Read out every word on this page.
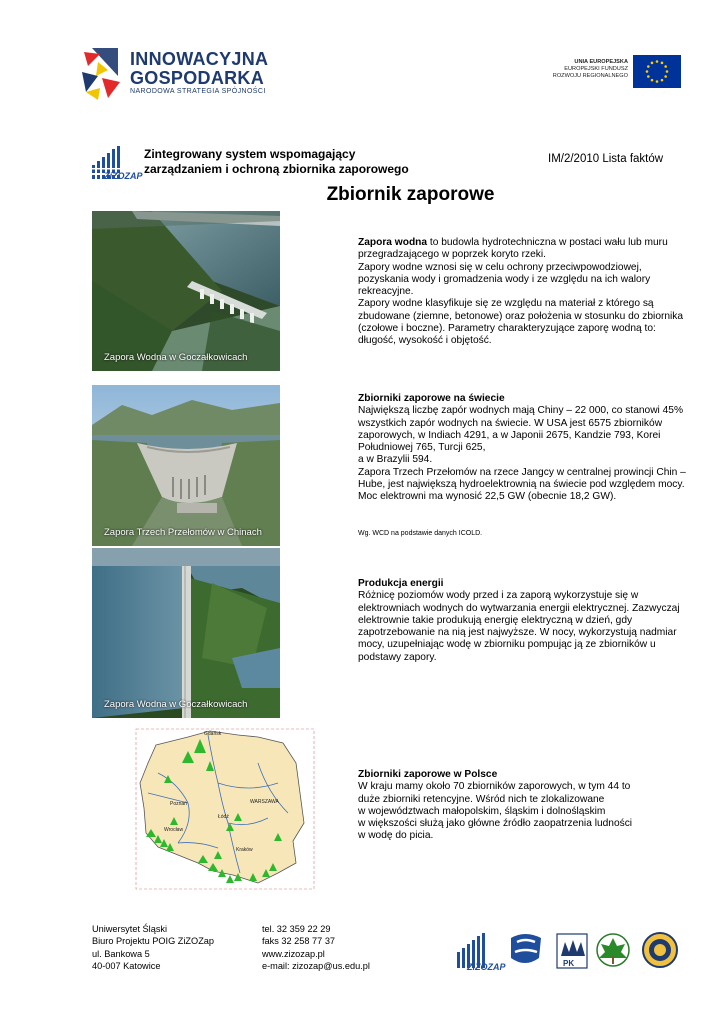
INNOWACYJNA
GOSPODARKA
NARODOWA STRATEGIA SPÓJNOŚCI
UNIA EUROPEJSKA
EUROPEJSKI FUNDUSZ
ROZWOJU REGIONALNEGO
ZiZOZAP
Zintegrowany system wspomagający
zarządzaniem i ochroną zbiornika zaporowego
IM/2/2010 Lista faktów
Zbiornik zaporowe
Zapora Wodna w Goczałkowicach
Zapora Trzech Przełomów w Chinach
Zapora Wodna w Goczałkowicach

Zapora wodna to budowla hydrotechniczna w postaci wału lub muru przegradzającego w poprzek koryto rzeki.

Zapory wodne wznosi się w celu ochrony przeciwpowodziowej, pozyskania wody i gromadzenia wody i ze względu na ich walory rekreacyjne.

Zapory wodne klasyfikuje się ze względu na materiał z którego są zbudowane (ziemne, betonowe) oraz położenia w stosunku do zbiornika (czołowe i boczne). Parametry charakteryzujące zaporę wodną to: długość, wysokość i objętość.

Zbiorniki zaporowe na świecie

Największą liczbę zapór wodnych mają Chiny – 22 000, co stanowi 45% wszystkich zapór wodnych na świecie. W USA jest 6575 zbiorników zaporowych, w Indiach 4291, a w Japonii 2675, Kandzie 793, Korei Południowej 765, Turcji 625,

a w Brazylii 594.

Zapora Trzech Przełomów na rzece Jangcy w centralnej prowincji Chin – Hube, jest największą hydroelektrownią na świecie pod względem mocy. Moc elektrowni ma wynosić 22,5 GW (obecnie 18,2 GW).

Wg. WCD na podstawie danych ICOLD.

Produkcja energii

Różnicę poziomów wody przed i za zaporą wykorzystuje się w elektrowniach wodnych do wytwarzania energii elektrycznej. Zazwyczaj elektrownie takie produkują energię elektryczną w dzień, gdy zapotrzebowanie na nią jest najwyższe. W nocy, wykorzystują nadmiar mocy, uzupełniając wodę w zbiorniku pompując ją ze zbiorników u podstawy zapory.

Gdańsk
Poznań	WARSZAWA
Łódź
Wrocław
Kraków

Zbiorniki zaporowe w Polsce

W kraju mamy około 70 zbiorników zaporowych, w tym 44 to

duże zbiorniki retencyjne. Wśród nich te zlokalizowane

w województwach małopolskim, śląskim i dolnośląskim

w większości służą jako główne źródło zaopatrzenia ludności

w wodę do picia.

Uniwersytet Śląski
Biuro Projektu POIG ZiZOZap
ul. Bankowa 5
40-007 Katowice
tel. 32 359 22 29
faks 32 258 77 37
www.zizozap.pl
e-mail: zizozap@us.edu.pl	ZiZOZAP	PK
